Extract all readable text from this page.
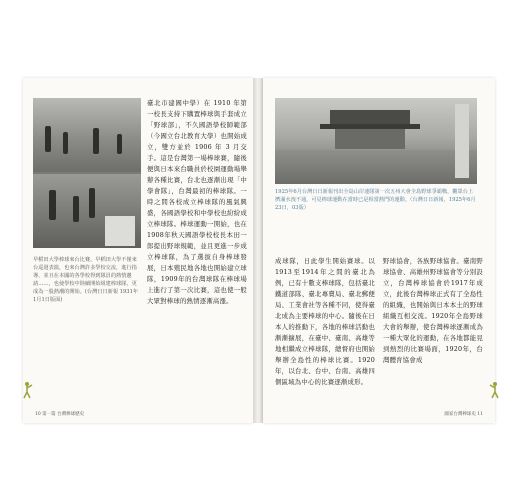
早稻田大學棒球來台比賽，早稻田大學不僅來台巡迴表演，也來台灣許多學校交流，進行指導，並且在本國的各學校得到隊員的熱情邀請……，也使學校中陸續開始組建棒球隊，更成為一股熱潮的開始。(台灣日日新報 1931年1月1日版面)
臺北市建國中學）在 1910 年第一校長支持下購置棒球與手套成立「野球部」，不久國語學校師範部（今國立台北教育大學）也開始成立，雙方並於 1906 年 3 月交手。這是台灣第一場棒球賽，隨後便與日本來台職員於校園運動場舉辦各種比賽，台北也逐漸出現「中學會隊」，台灣最初的棒球隊。一時之間各校成立棒球隊的風氣興盛，各國語學校和中學校也紛紛成立棒球隊。棒球運動一開始，也在1908年秋天國語學校校長本田一郎提出野球規範，並且更進一步成立棒球隊，為了選拔自身棒球發展，日本殖民地各地也開始建立球隊，1909年的台灣球隊在棒球場上進行了第一次比賽，這也使一般大眾對棒球的熱情逐漸高漲。
10 第一篇 台灣棒球歷史
1925年6月台灣日日新報刊出全島山岸連隊第一次五州大會全島野球爭霸戰，觀眾台上擠滿水洩不通，可見棒球運動在當時已是相當熱門的運動。（台灣日日新報，1925年6月23日，03版）
成球隊，日此學生開始賽球。以1913至1914年之間的臺北為例，已有十數支棒球隊，包括臺北鐵道部隊、臺北專賣局、臺北郵便局、工業會社等各種不同，使得臺北成為主要棒球的中心。隨後在日本人的推動下，各地的棒球活動也漸漸擴展，在臺中、臺南、高雄等地相繼成立棒球隊，總督府也開始舉辦全島性的棒球比賽。1920年，以台北、台中、台南、高雄四個區域為中心的比賽逐漸成形。
野球協會，各族野球協會。臺南野球協會、高雄州野球協會等分別設立，台灣棒球協會於1917年成立，此後台灣棒球正式有了全島性的組織，也開始與日本本土的野球組織互相交流。1920年全島野球大會的舉辦，使台灣棒球逐漸成為一種大眾化的運動，在各地都能見到熱烈的比賽場面，1920年，台灣體育協會成
國家台灣棒球史 11
